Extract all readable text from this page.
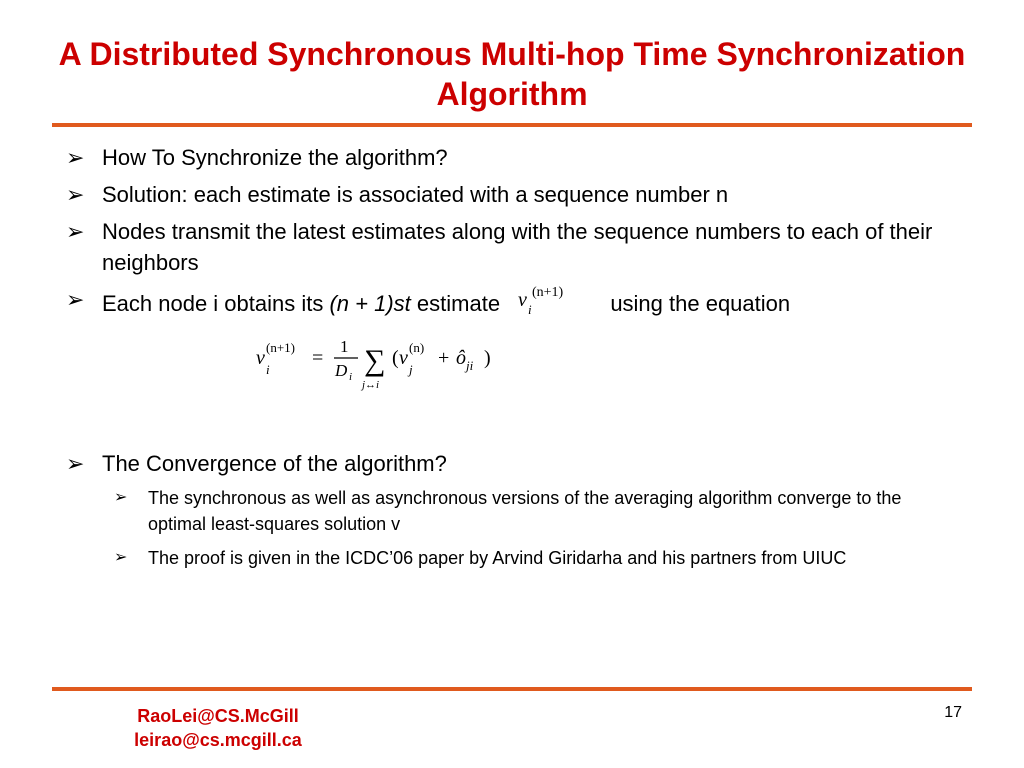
A Distributed Synchronous Multi-hop Time Synchronization Algorithm
➢ How To Synchronize the algorithm?
➢ Solution: each estimate is associated with a sequence number n
➢ Nodes transmit the latest estimates along with the sequence numbers to each of their neighbors
➢ Each node i obtains its (n + 1)st estimate v i
(n+1) using the equation
v
i
(n+1) =
1
D i ∑
j↔i
( v
j
(n) + ô ji )
➢ The Convergence of the algorithm?
➢ The synchronous as well as asynchronous versions of the averaging algorithm converge to the optimal least-squares solution v
➢ The proof is given in the ICDC’06 paper by Arvind Giridarha and his partners from UIUC
RaoLei@CS.McGill
leirao@cs.mcgill.ca
17
